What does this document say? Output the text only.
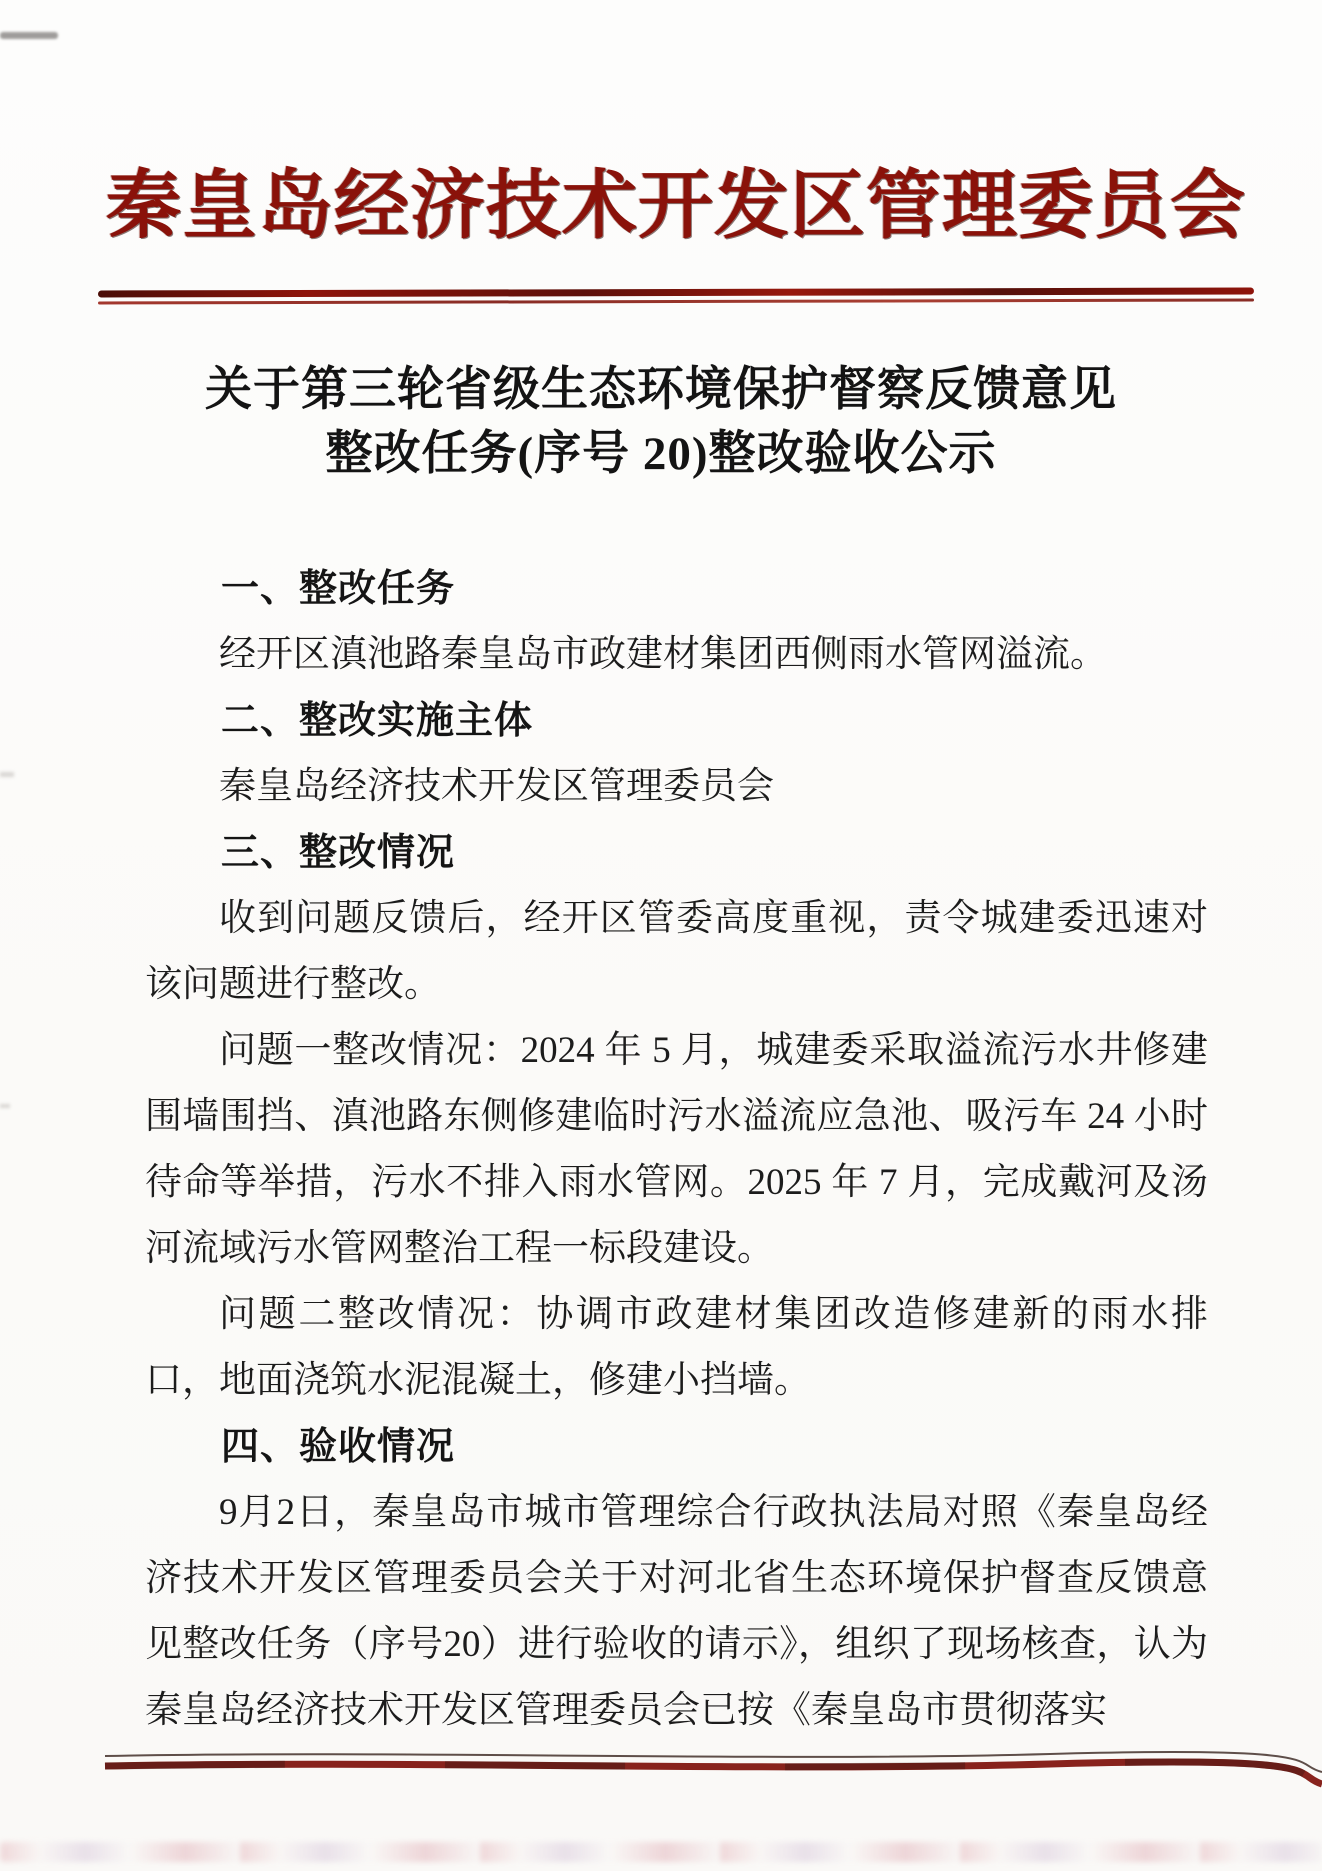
秦皇岛经济技术开发区管理委员会
关于第三轮省级生态环境保护督察反馈意见
整改任务(序号 20)整改验收公示
一、整改任务

经开区滇池路秦皇岛市政建材集团西侧雨水管网溢流。

二、整改实施主体

秦皇岛经济技术开发区管理委员会

三、整改情况

收到问题反馈后，经开区管委高度重视，责令城建委迅速对该问题进行整改。

问题一整改情况：2024 年 5 月，城建委采取溢流污水井修建围墙围挡、滇池路东侧修建临时污水溢流应急池、吸污车 24 小时待命等举措，污水不排入雨水管网。2025 年 7 月，完成戴河及汤河流域污水管网整治工程一标段建设。

问题二整改情况：协调市政建材集团改造修建新的雨水排口，地面浇筑水泥混凝土，修建小挡墙。

四、验收情况

9月2日，秦皇岛市城市管理综合行政执法局对照《秦皇岛经济技术开发区管理委员会关于对河北省生态环境保护督查反馈意见整改任务（序号20）进行验收的请示》，组织了现场核查，认为秦皇岛经济技术开发区管理委员会已按《秦皇岛市贯彻落实
